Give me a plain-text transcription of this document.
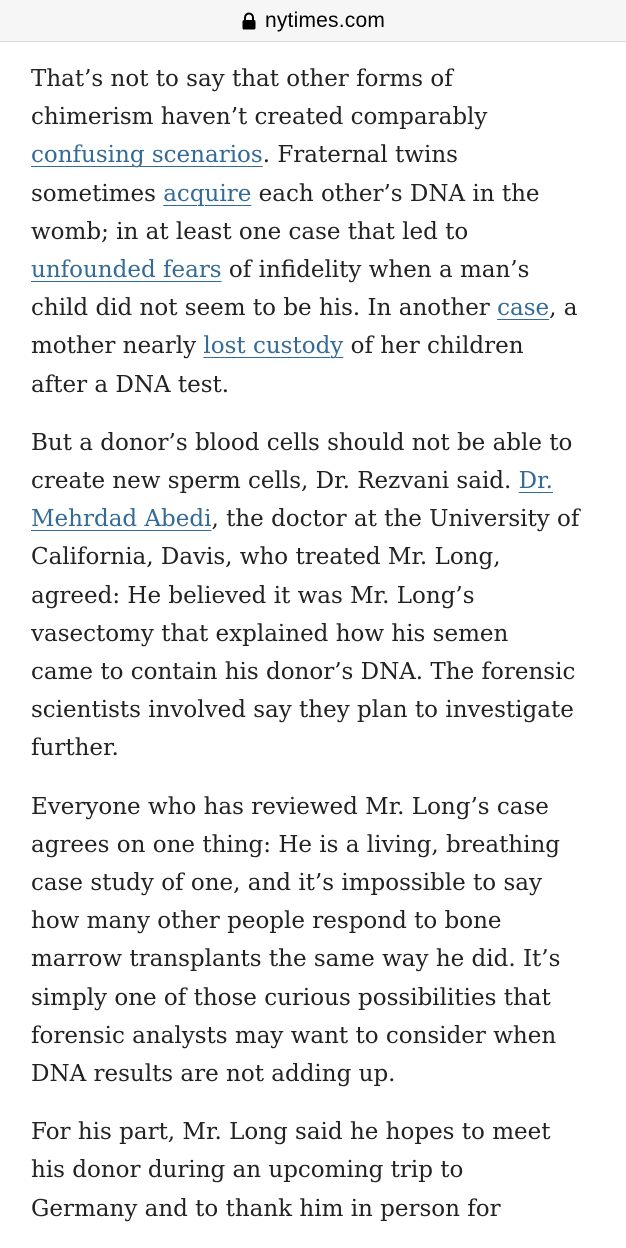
nytimes.com

That’s not to say that other forms of
chimerism haven’t created comparably
confusing scenarios. Fraternal twins
sometimes acquire each other’s DNA in the
womb; in at least one case that led to
unfounded fears of infidelity when a man’s
child did not seem to be his. In another case, a
mother nearly lost custody of her children
after a DNA test.

But a donor’s blood cells should not be able to
create new sperm cells, Dr. Rezvani said. Dr.
Mehrdad Abedi, the doctor at the University of
California, Davis, who treated Mr. Long,
agreed: He believed it was Mr. Long’s
vasectomy that explained how his semen
came to contain his donor’s DNA. The forensic
scientists involved say they plan to investigate
further.

Everyone who has reviewed Mr. Long’s case
agrees on one thing: He is a living, breathing
case study of one, and it’s impossible to say
how many other people respond to bone
marrow transplants the same way he did. It’s
simply one of those curious possibilities that
forensic analysts may want to consider when
DNA results are not adding up.

For his part, Mr. Long said he hopes to meet
his donor during an upcoming trip to
Germany and to thank him in person for
